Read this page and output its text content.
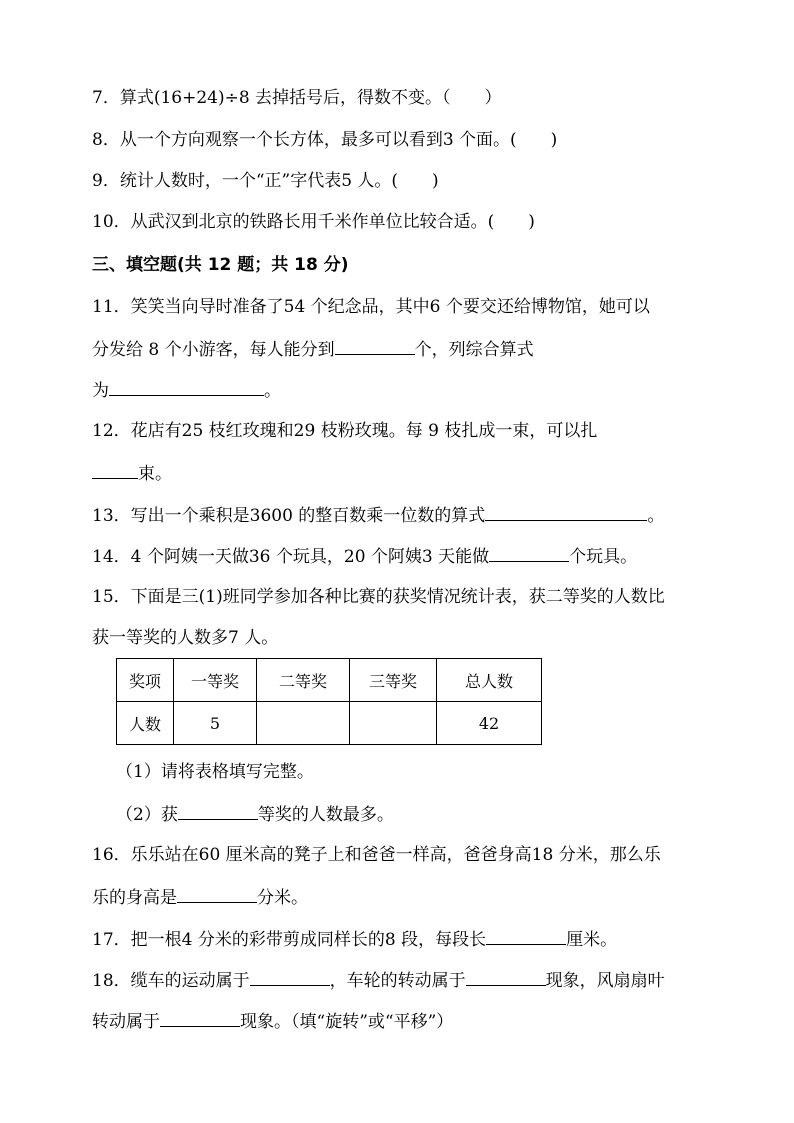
7．算式(16+24)÷8 去掉括号后，得数不变。（　　）
8．从一个方向观察一个长方体，最多可以看到3 个面。(　　)
9．统计人数时，一个“正”字代表5 人。(　　)
10．从武汉到北京的铁路长用千米作单位比较合适。(　　)
三、填空题(共 12 题；共 18 分)
11．笑笑当向导时准备了54 个纪念品，其中6 个要交还给博物馆，她可以
分发给 8 个小游客，每人能分到	个，列综合算式
为	。
12．花店有25 枝红玫瑰和29 枝粉玫瑰。每 9 枝扎成一束，可以扎
束。
13．写出一个乘积是3600 的整百数乘一位数的算式	。
14．4 个阿姨一天做36 个玩具，20 个阿姨3 天能做	个玩具。
15．下面是三(1)班同学参加各种比赛的获奖情况统计表，获二等奖的人数比
获一等奖的人数多7 人。
奖项	一等奖	二等奖	三等奖	总人数
人数	5			42
（1）请将表格填写完整。
（2）获	等奖的人数最多。
16．乐乐站在60 厘米高的凳子上和爸爸一样高，爸爸身高18 分米，那么乐
乐的身高是	分米。
17．把一根4 分米的彩带剪成同样长的8 段，每段长	厘米。
18．缆车的运动属于	，车轮的转动属于	现象，风扇扇叶
转动属于	现象。（填“旋转”或“平移”）
